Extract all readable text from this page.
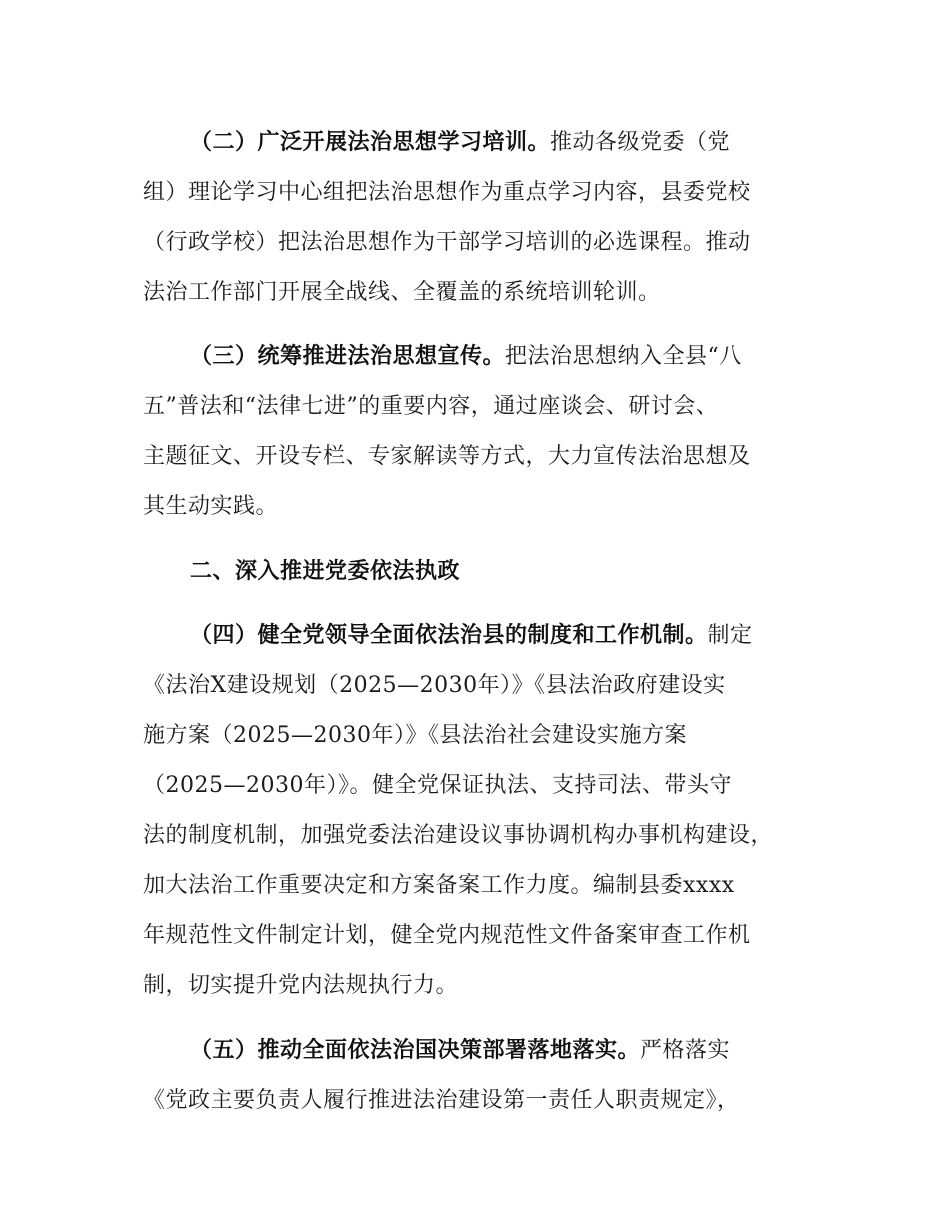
（二）广泛开展法治思想学习培训。推动各级党委（党
组）理论学习中心组把法治思想作为重点学习内容，县委党校
（行政学校）把法治思想作为干部学习培训的必选课程。推动
法治工作部门开展全战线、全覆盖的系统培训轮训。
（三）统筹推进法治思想宣传。把法治思想纳入全县“八
五”普法和“法律七进”的重要内容，通过座谈会、研讨会、
主题征文、开设专栏、专家解读等方式，大力宣传法治思想及
其生动实践。
二、深入推进党委依法执政
（四）健全党领导全面依法治县的制度和工作机制。制定
《法治X建设规划（2025—2030年）》《县法治政府建设实
施方案（2025—2030年）》《县法治社会建设实施方案
（2025—2030年）》。健全党保证执法、支持司法、带头守
法的制度机制，加强党委法治建设议事协调机构办事机构建设，
加大法治工作重要决定和方案备案工作力度。编制县委xxxx
年规范性文件制定计划，健全党内规范性文件备案审查工作机
制，切实提升党内法规执行力。
（五）推动全面依法治国决策部署落地落实。严格落实
《党政主要负责人履行推进法治建设第一责任人职责规定》，
